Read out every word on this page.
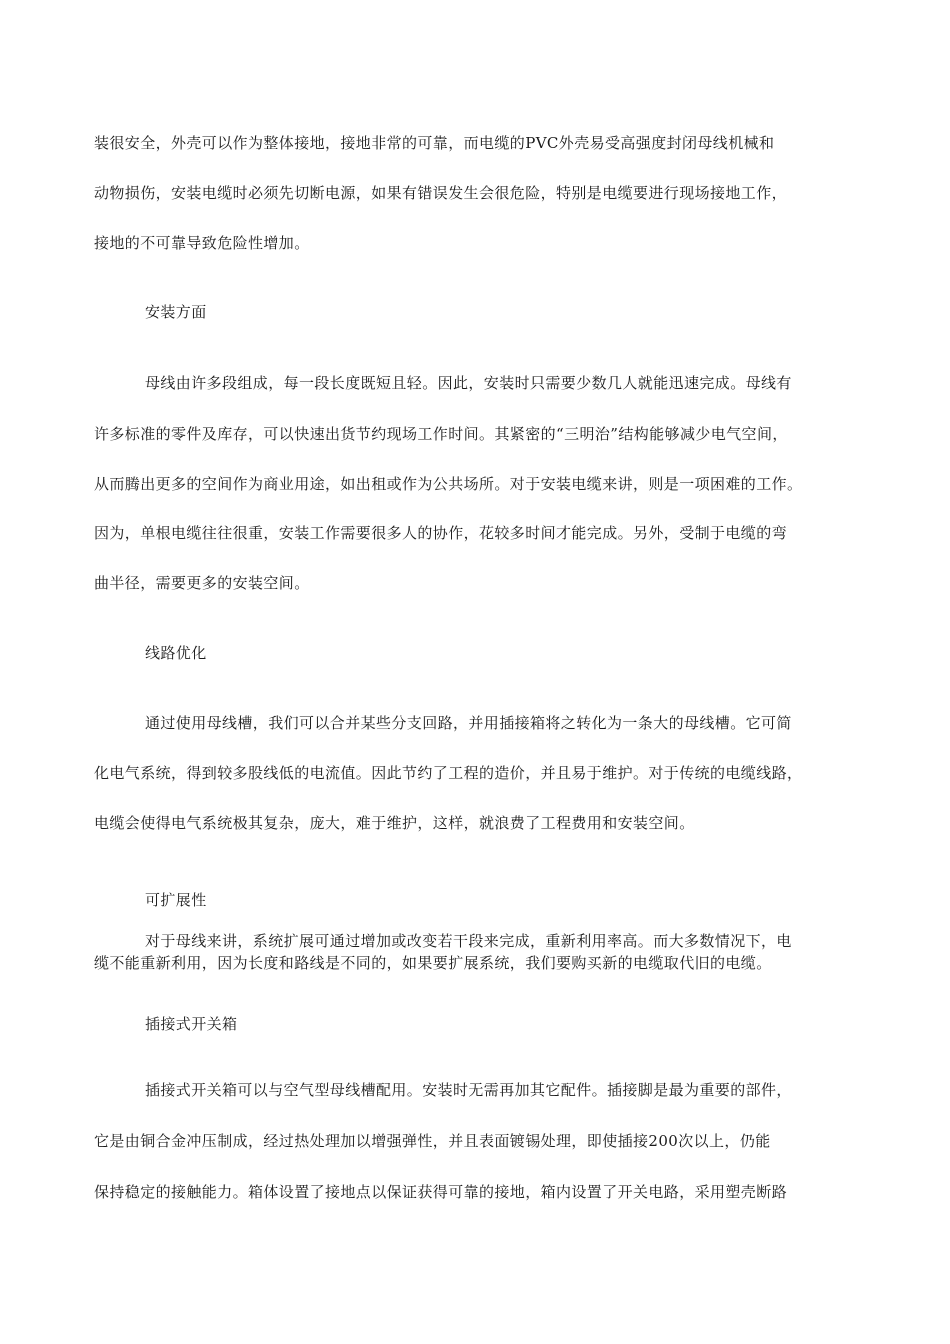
装很安全，外壳可以作为整体接地，接地非常的可靠，而电缆的PVC外壳易受高强度封闭母线机械和
动物损伤，安装电缆时必须先切断电源，如果有错误发生会很危险，特别是电缆要进行现场接地工作，
接地的不可靠导致危险性增加。
安装方面
母线由许多段组成，每一段长度既短且轻。因此，安装时只需要少数几人就能迅速完成。母线有
许多标准的零件及库存，可以快速出货节约现场工作时间。其紧密的“三明治”结构能够减少电气空间，
从而腾出更多的空间作为商业用途，如出租或作为公共场所。对于安装电缆来讲，则是一项困难的工作。
因为，单根电缆往往很重，安装工作需要很多人的协作，花较多时间才能完成。另外，受制于电缆的弯
曲半径，需要更多的安装空间。
线路优化
通过使用母线槽，我们可以合并某些分支回路，并用插接箱将之转化为一条大的母线槽。它可简
化电气系统，得到较多股线低的电流值。因此节约了工程的造价，并且易于维护。对于传统的电缆线路，
电缆会使得电气系统极其复杂，庞大，难于维护，这样，就浪费了工程费用和安装空间。
可扩展性
对于母线来讲，系统扩展可通过增加或改变若干段来完成，重新利用率高。而大多数情况下，电
缆不能重新利用，因为长度和路线是不同的，如果要扩展系统，我们要购买新的电缆取代旧的电缆。
插接式开关箱
插接式开关箱可以与空气型母线槽配用。安装时无需再加其它配件。插接脚是最为重要的部件，
它是由铜合金冲压制成，经过热处理加以增强弹性，并且表面镀锡处理，即使插接200次以上，仍能
保持稳定的接触能力。箱体设置了接地点以保证获得可靠的接地，箱内设置了开关电路，采用塑壳断路
